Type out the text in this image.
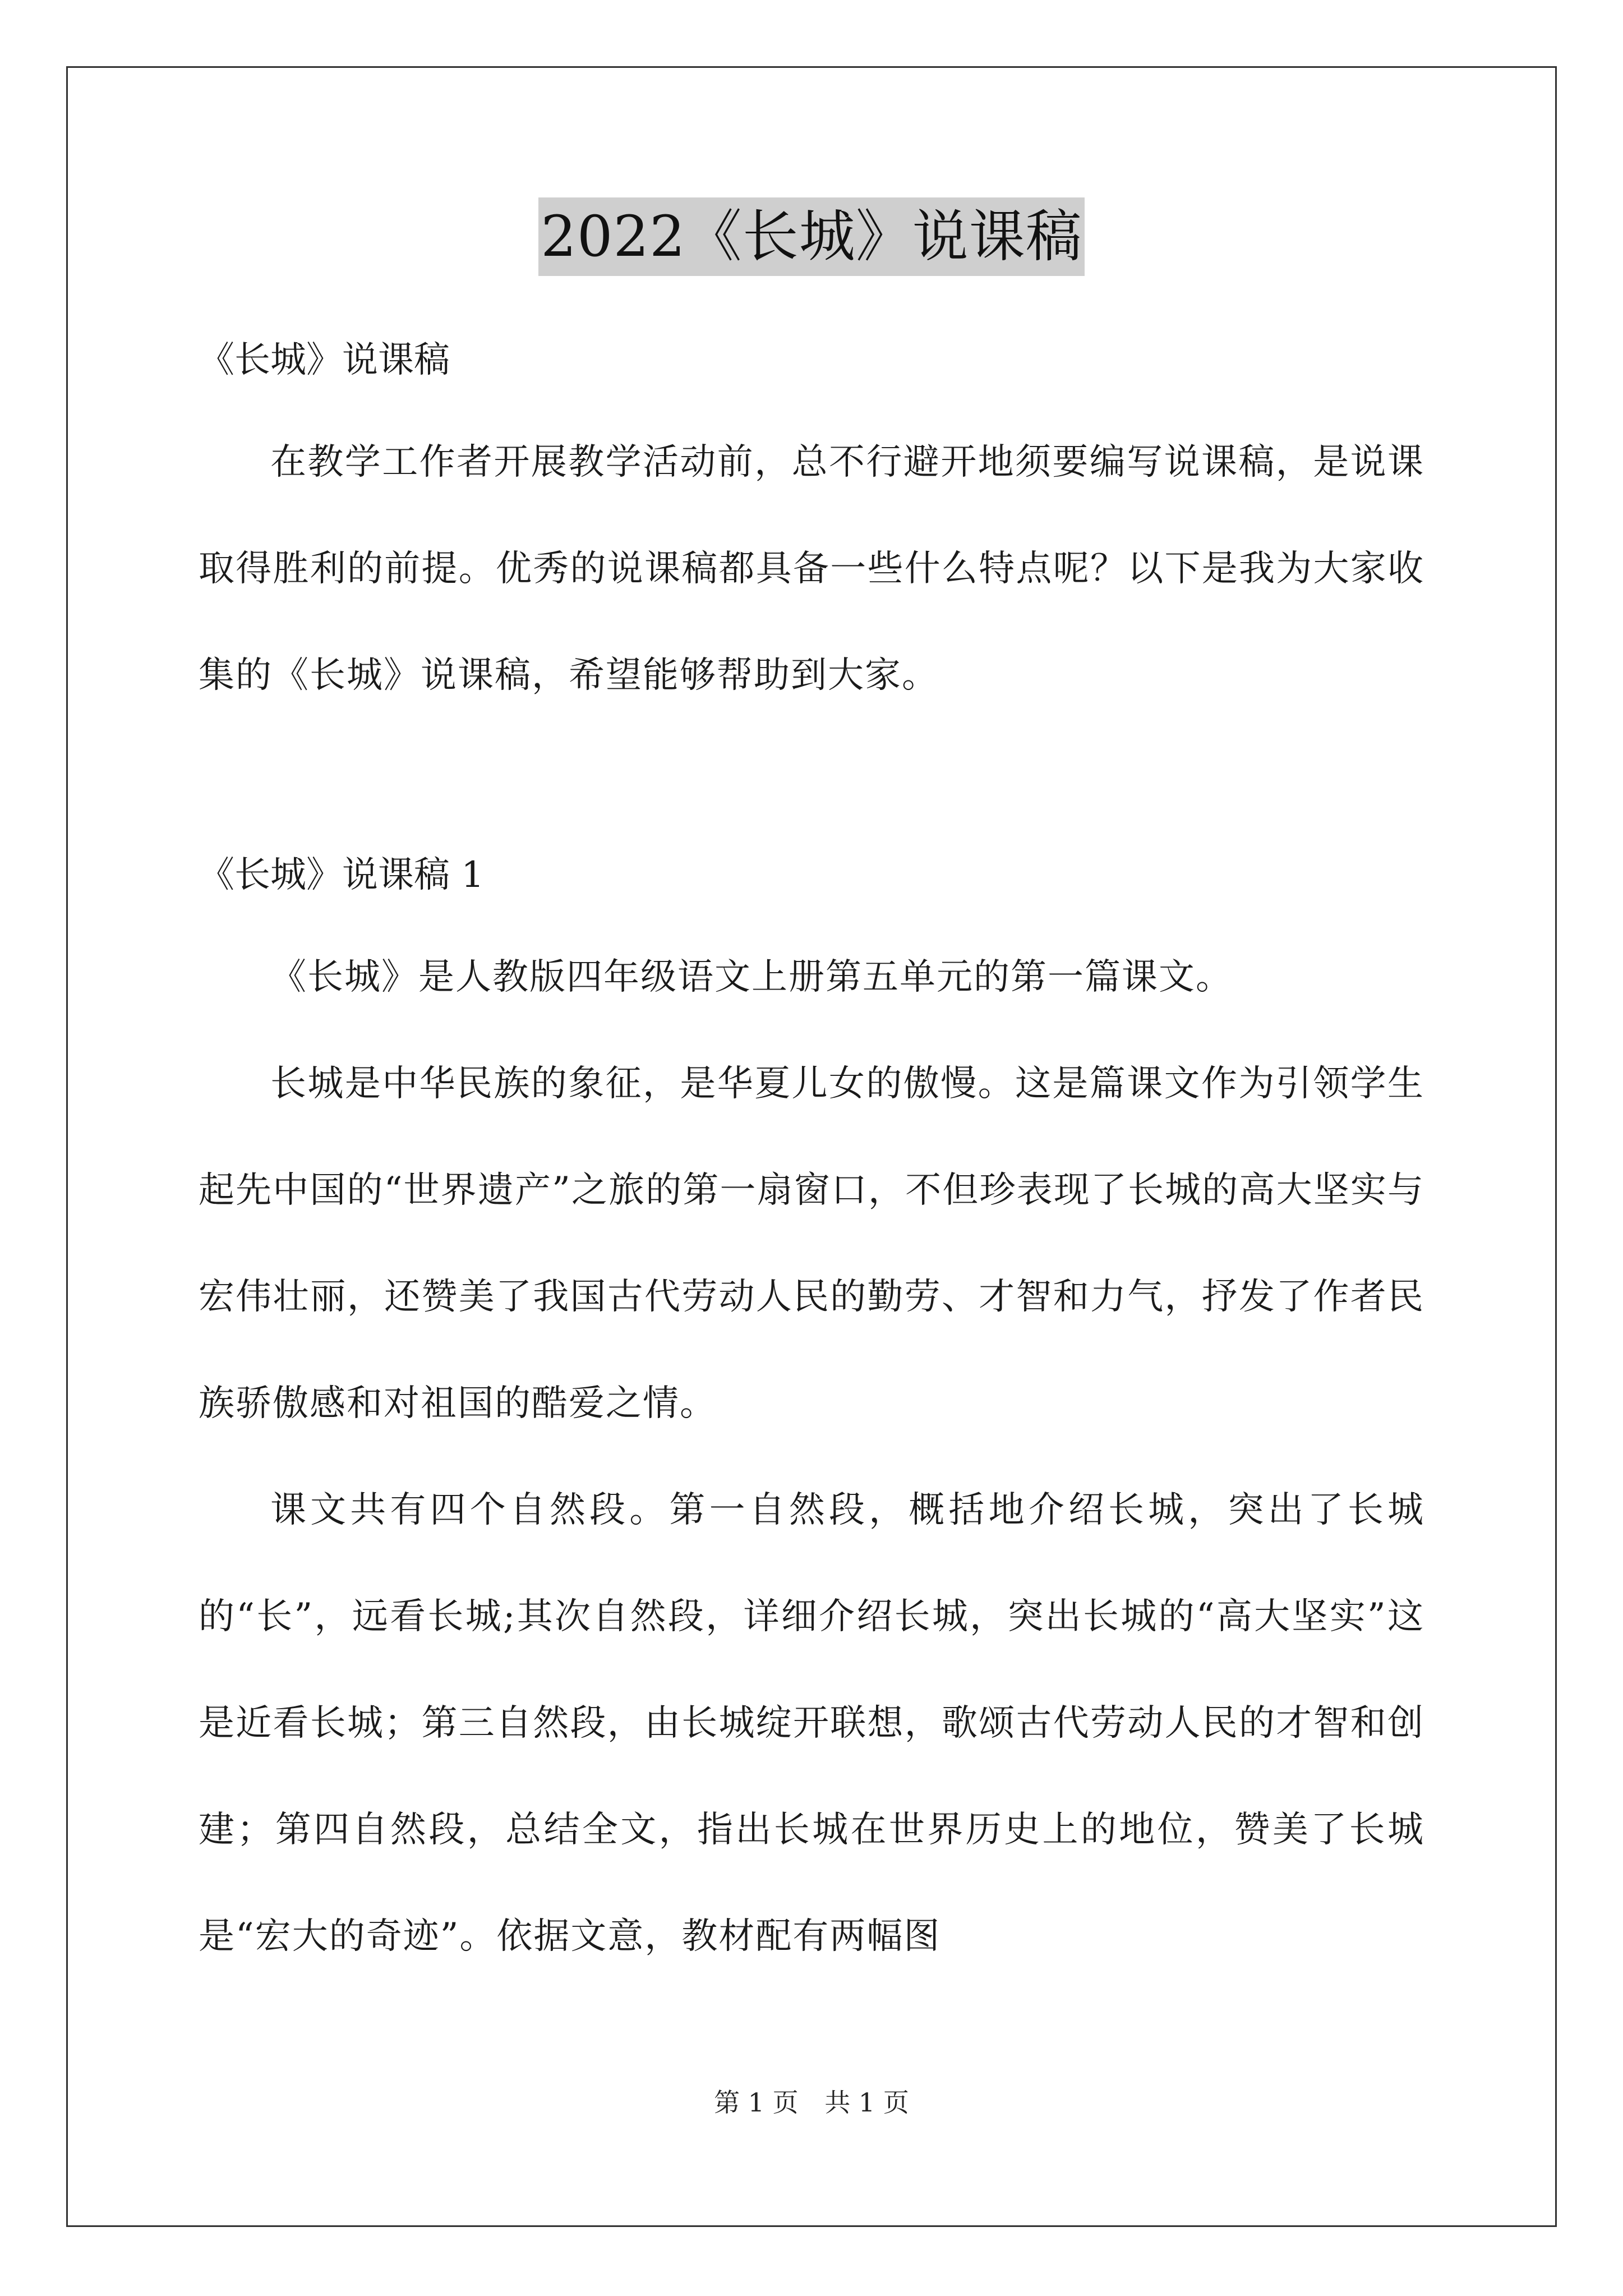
2022《长城》说课稿

《长城》说课稿

在教学工作者开展教学活动前，总不行避开地须要编写说课稿，是说课取得胜利的前提。优秀的说课稿都具备一些什么特点呢？以下是我为大家收集的《长城》说课稿，希望能够帮助到大家。

《长城》说课稿 1

《长城》是人教版四年级语文上册第五单元的第一篇课文。

长城是中华民族的象征，是华夏儿女的傲慢。这是篇课文作为引领学生起先中国的“世界遗产”之旅的第一扇窗口，不但珍表现了长城的高大坚实与宏伟壮丽，还赞美了我国古代劳动人民的勤劳、才智和力气，抒发了作者民族骄傲感和对祖国的酷爱之情。

课文共有四个自然段。第一自然段，概括地介绍长城，突出了长城的“长”，远看长城;其次自然段，详细介绍长城，突出长城的“高大坚实”这是近看长城；第三自然段，由长城绽开联想，歌颂古代劳动人民的才智和创建；第四自然段，总结全文，指出长城在世界历史上的地位，赞美了长城是“宏大的奇迹”。依据文意，教材配有两幅图

第 1 页 共 1 页
